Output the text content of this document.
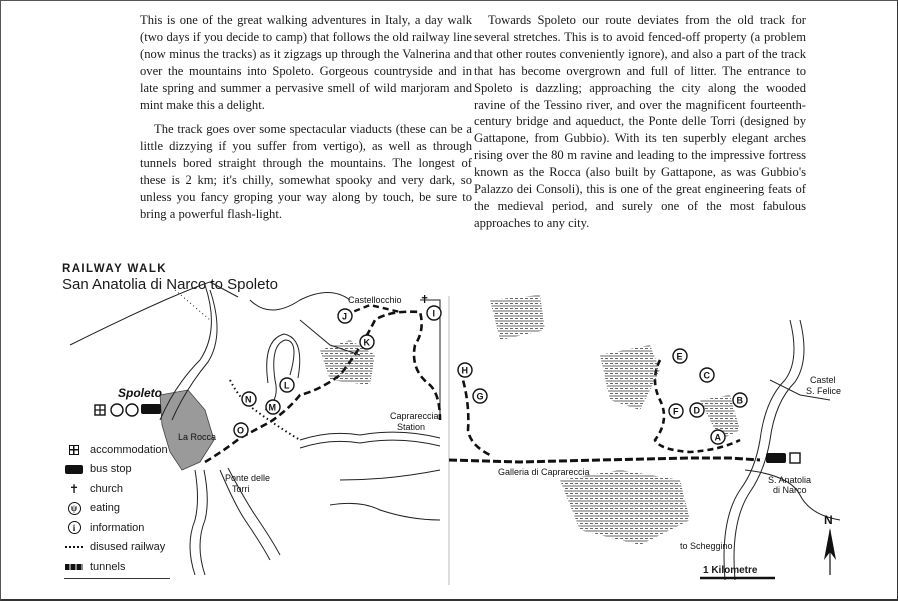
This is one of the great walking adventures in Italy, a day walk (two days if you decide to camp) that follows the old railway line (now minus the tracks) as it zigzags up through the Valnerina and over the mountains into Spoleto. Gorgeous countryside and in late spring and summer a pervasive smell of wild marjoram and mint make this a delight.

The track goes over some spectacular viaducts (these can be a little dizzying if you suffer from vertigo), as well as through tunnels bored straight through the mountains. The longest of these is 2 km; it's chilly, somewhat spooky and very dark, so unless you fancy groping your way along by touch, be sure to bring a powerful flash-light.

Towards Spoleto our route deviates from the old track for several stretches. This is to avoid fenced-off property (a problem that other routes conveniently ignore), and also a part of the track that has become overgrown and full of litter. The entrance to Spoleto is dazzling; approaching the city along the wooded ravine of the Tessino river, and over the magnificent fourteenth-century bridge and aqueduct, the Ponte delle Torri (designed by Gattapone, from Gubbio). With its ten superbly elegant arches rising over the 80 m ravine and leading to the impressive fortress known as the Rocca (also built by Gattapone, as was Gubbio's Palazzo dei Consoli), this is one of the great engineering feats of the medieval period, and surely one of the most fabulous approaches to any city.

RAILWAY WALK
San Anatolia di Narco to Spoleto
N
Spoleto
La Rocca
Ponte delle
Torri
Castellocchio
Caprareccia
Station
Galleria di Caprareccia
Castel
S. Felice
S. Anatolia
di Narco
to Scheggino
✝
A
B
C
D
E
F
G
H
I
J
K
L
M
N
O
accommodation
bus stop
✝ church
ψ	eating
i	information
disused railway
tunnels	1 Kilometre
